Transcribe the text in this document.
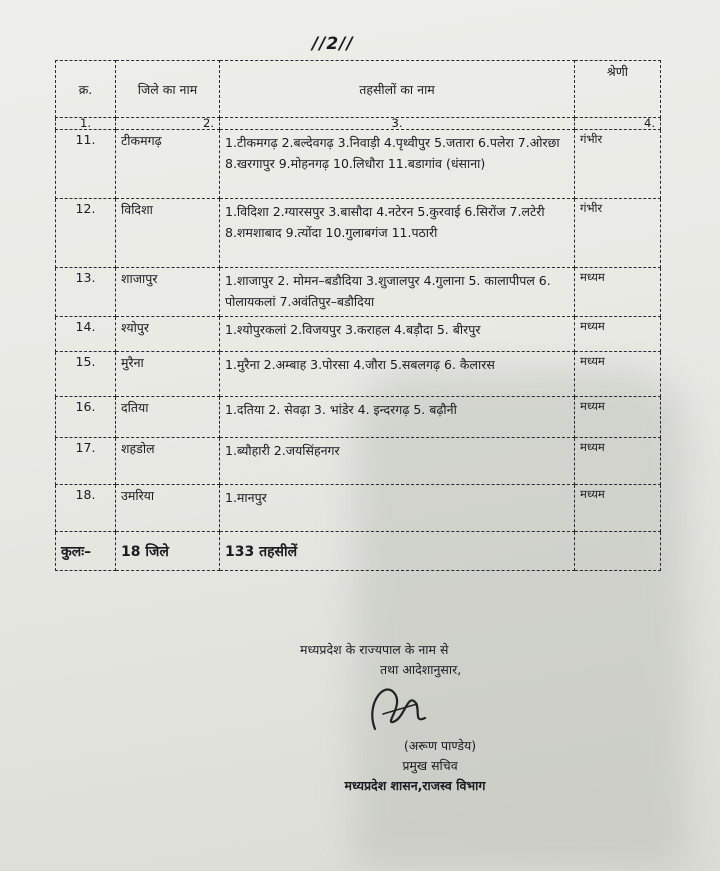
//2//
क्र.	जिले का नाम	तहसीलों का नाम	श्रेणी
1.	2.	3.	4.
11.	टीकमगढ़	1.टीकमगढ़ 2.बल्देवगढ़ 3.निवाड़ी 4.पृथ्वीपुर 5.जतारा 6.पलेरा 7.ओरछा 8.खरगापुर 9.मोहनगढ़ 10.लिधौरा 11.बडागांव (धंसाना)	गंभीर
12.	विदिशा	1.विदिशा 2.ग्यारसपुर 3.बासौदा 4.नटेरन 5.कुरवाई 6.सिरोंज 7.लटेरी 8.शमशाबाद 9.त्योंदा 10.गुलाबगंज 11.पठारी	गंभीर
13.	शाजापुर	1.शाजापुर 2. मोमन–बडौदिया 3.शुजालपुर 4.गुलाना 5. कालापीपल 6. पोलायकलां 7.अवंतिपुर–बडौदिया	मध्यम
14.	श्योपुर	1.श्योपुरकलां 2.विजयपुर 3.कराहल 4.बड़ौदा 5. बीरपुर	मध्यम
15.	मुरैना	1.मुरैना 2.अम्बाह 3.पोरसा 4.जौरा 5.सबलगढ़ 6. कैलारस	मध्यम
16.	दतिया	1.दतिया 2. सेवढ़ा 3. भांडेर 4. इन्दरगढ़ 5. बढ़ौनी	मध्यम
17.	शहडोल	1.ब्यौहारी 2.जयसिंहनगर	मध्यम
18.	उमरिया	1.मानपुर	मध्यम
कुलः–	18 जिले	133 तहसीलें	
मध्यप्रदेश के राज्यपाल के नाम से
तथा आदेशानुसार,
(अरूण पाण्डेय)
प्रमुख सचिव
मध्यप्रदेश शासन,राजस्व विभाग
